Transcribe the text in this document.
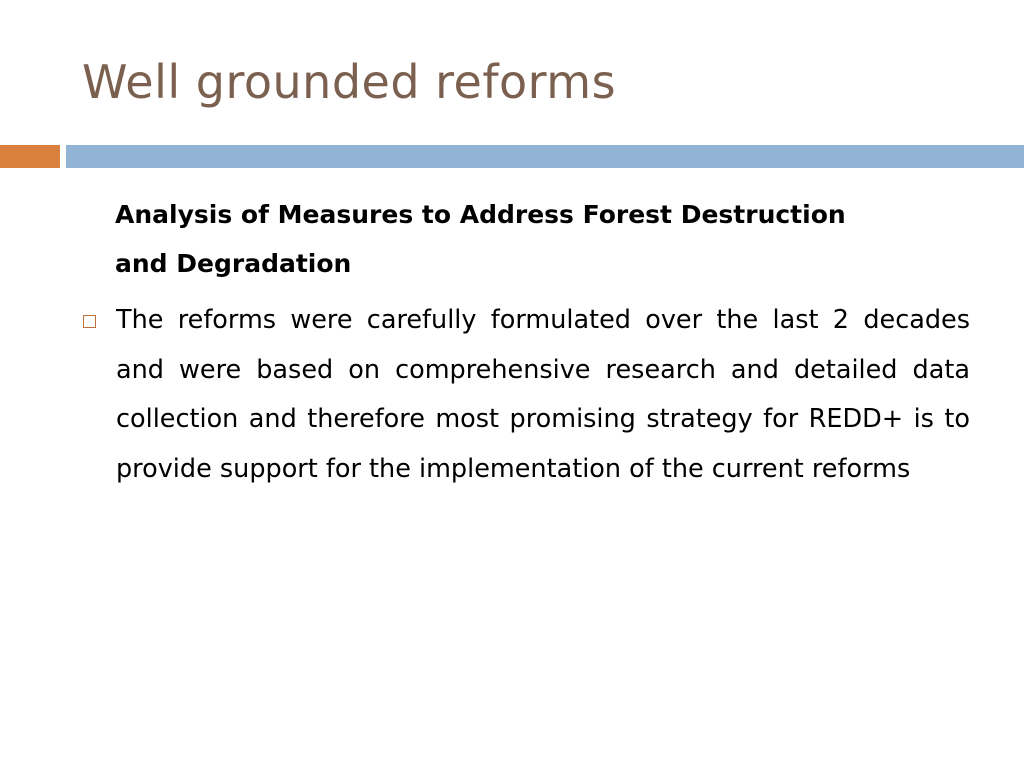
Well grounded reforms

Analysis of Measures to Address Forest Destruction and Degradation

The reforms were carefully formulated over the last 2 decades and were based on comprehensive research and detailed data collection and therefore most promising strategy for REDD+ is to provide support for the implementation of the current reforms
